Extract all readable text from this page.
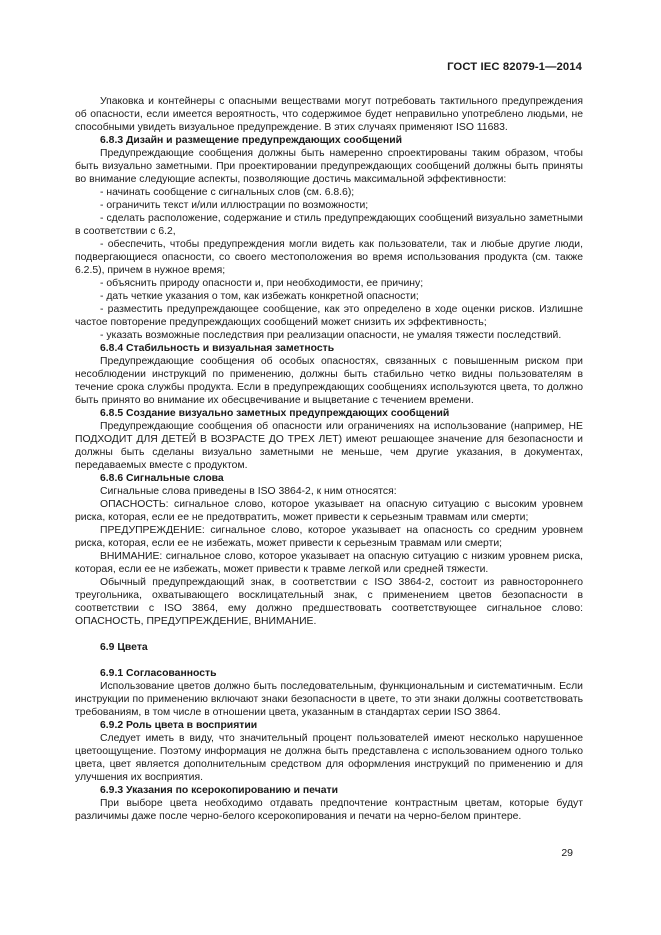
ГОСТ IEC 82079-1—2014

Упаковка и контейнеры с опасными веществами могут потребовать тактильного предупреждения об опасности, если имеется вероятность, что содержимое будет неправильно употреблено людьми, не способными увидеть визуальное предупреждение. В этих случаях применяют ISO 11683.

6.8.3 Дизайн и размещение предупреждающих сообщений

Предупреждающие сообщения должны быть намеренно спроектированы таким образом, чтобы быть визуально заметными. При проектировании предупреждающих сообщений должны быть приняты во внимание следующие аспекты, позволяющие достичь максимальной эффективности:

- начинать сообщение с сигнальных слов (см. 6.8.6);

- ограничить текст и/или иллюстрации по возможности;

- сделать расположение, содержание и стиль предупреждающих сообщений визуально заметными в соответствии с 6.2,

- обеспечить, чтобы предупреждения могли видеть как пользователи, так и любые другие люди, подвергающиеся опасности, со своего местоположения во время использования продукта (см. также 6.2.5), причем в нужное время;

- объяснить природу опасности и, при необходимости, ее причину;

- дать четкие указания о том, как избежать конкретной опасности;

- разместить предупреждающее сообщение, как это определено в ходе оценки рисков. Излишне частое повторение предупреждающих сообщений может снизить их эффективность;

- указать возможные последствия при реализации опасности, не умаляя тяжести последствий.

6.8.4 Стабильность и визуальная заметность

Предупреждающие сообщения об особых опасностях, связанных с повышенным риском при несоблюдении инструкций по применению, должны быть стабильно четко видны пользователям в течение срока службы продукта. Если в предупреждающих сообщениях используются цвета, то должно быть принято во внимание их обесцвечивание и выцветание с течением времени.

6.8.5 Создание визуально заметных предупреждающих сообщений

Предупреждающие сообщения об опасности или ограничениях на использование (например, НЕ ПОДХОДИТ ДЛЯ ДЕТЕЙ В ВОЗРАСТЕ ДО ТРЕХ ЛЕТ) имеют решающее значение для безопасности и должны быть сделаны визуально заметными не меньше, чем другие указания, в документах, передаваемых вместе с продуктом.

6.8.6 Сигнальные слова

Сигнальные слова приведены в ISO 3864-2, к ним относятся:

ОПАСНОСТЬ: сигнальное слово, которое указывает на опасную ситуацию с высоким уровнем риска, которая, если ее не предотвратить, может привести к серьезным травмам или смерти;

ПРЕДУПРЕЖДЕНИЕ: сигнальное слово, которое указывает на опасность со средним уровнем риска, которая, если ее не избежать, может привести к серьезным травмам или смерти;

ВНИМАНИЕ: сигнальное слово, которое указывает на опасную ситуацию с низким уровнем риска, которая, если ее не избежать, может привести к травме легкой или средней тяжести.

Обычный предупреждающий знак, в соответствии с ISO 3864-2, состоит из равностороннего треугольника, охватывающего восклицательный знак, с применением цветов безопасности в соответствии с ISO 3864, ему должно предшествовать соответствующее сигнальное слово: ОПАСНОСТЬ, ПРЕДУПРЕЖДЕНИЕ, ВНИМАНИЕ.

6.9 Цвета
6.9.1 Согласованность

Использование цветов должно быть последовательным, функциональным и систематичным. Если инструкции по применению включают знаки безопасности в цвете, то эти знаки должны соответствовать требованиям, в том числе в отношении цвета, указанным в стандартах серии ISO 3864.

6.9.2 Роль цвета в восприятии

Следует иметь в виду, что значительный процент пользователей имеют несколько нарушенное цветоощущение. Поэтому информация не должна быть представлена с использованием одного только цвета, цвет является дополнительным средством для оформления инструкций по применению и для улучшения их восприятия.

6.9.3 Указания по ксерокопированию и печати

При выборе цвета необходимо отдавать предпочтение контрастным цветам, которые будут различимы даже после черно-белого ксерокопирования и печати на черно-белом принтере.

29
